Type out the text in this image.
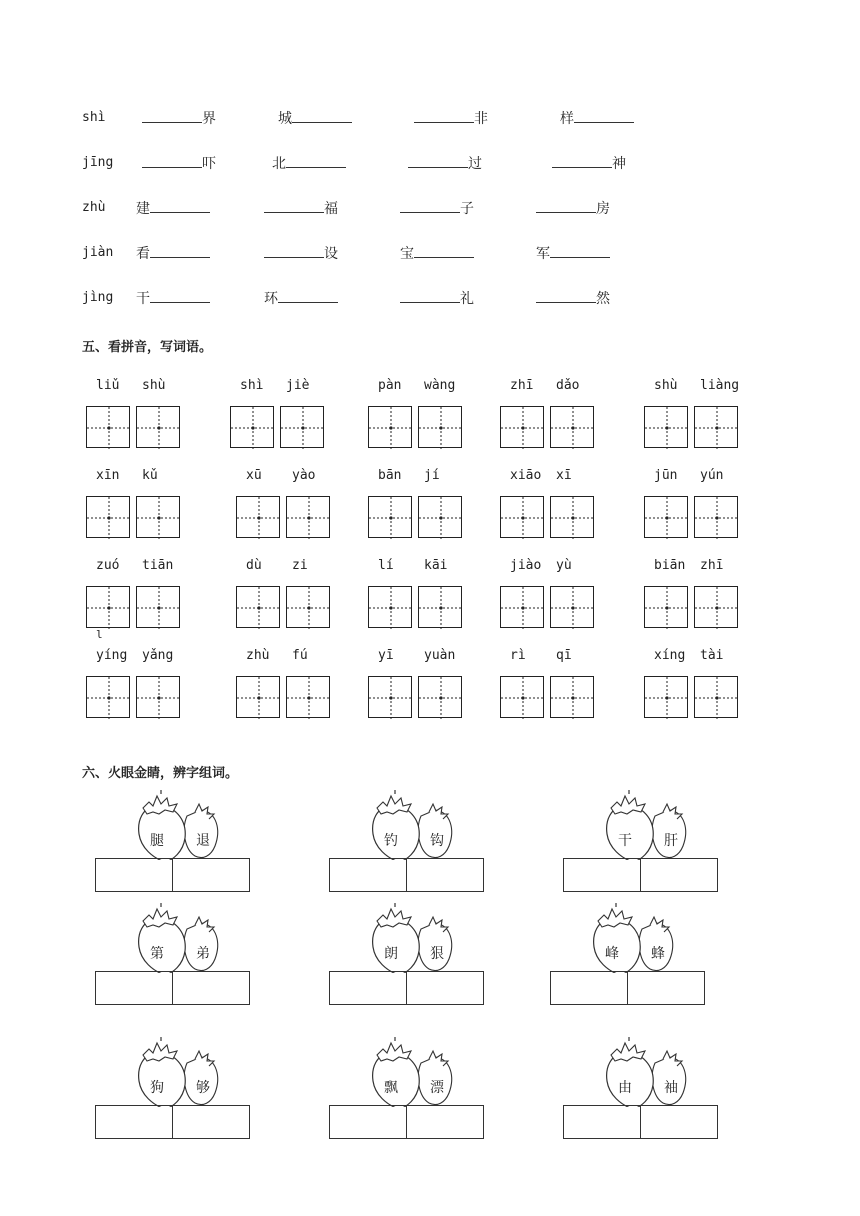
shì	界	城	非	样
jīng	吓	北	过	神
zhù 建	福	子	房
jiàn 看	设	宝	军
jìng 干	环	礼	然
五、看拼音，写词语。
liǔ shù	shì jiè	pàn wàng	zhī dǎo	shù liàng
xīn kǔ	xū yào	bān jí	xiāo xī	jūn yún
zuó tiān	dù zi	lí kāi	jiào yù	biān zhī
yíng yǎng	zhù fú	yī yuàn	rì qī	xíng tài
l
六、火眼金睛，辨字组词。
腿 退	钓 钩	干 肝
第 弟	朗 狠	峰 蜂
狗 够	飘 漂	由 袖
